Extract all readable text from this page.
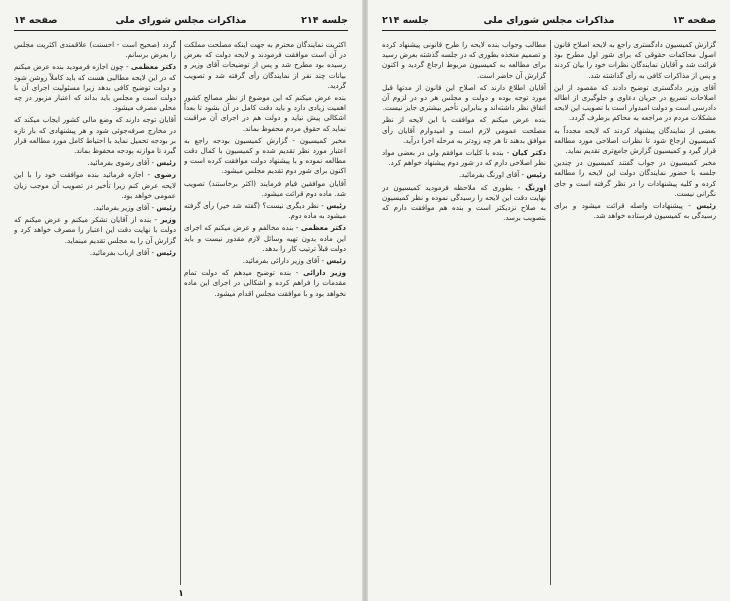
جلسه ۲۱۴
مذاکرات مجلس شورای ملی
صفحه ۱۴

اکثریت نمایندگان محترم به جهت اینکه مصلحت مملکت در آن است موافقت فرمودند و لایحه دولت که بعرض رسیده بود مطرح شد و پس از توضیحات آقای وزیر و بیانات چند نفر از نمایندگان رأی گرفته شد و تصویب گردید.

بنده عرض میکنم که این موضوع از نظر مصالح کشور اهمیت زیادی دارد و باید دقت کامل در آن بشود تا بعداً اشکالی پیش نیاید و دولت هم در اجرای آن مراقبت نماید که حقوق مردم محفوظ بماند.

مخبر کمیسیون - گزارش کمیسیون بودجه راجع به اعتبار مورد نظر تقدیم شده و کمیسیون با کمال دقت مطالعه نموده و با پیشنهاد دولت موافقت کرده است و اکنون برای شور دوم تقدیم مجلس میشود.

آقایان موافقین قیام فرمایند (اکثر برخاستند) تصویب شد. ماده دوم قرائت میشود.

رئیس - نظر دیگری نیست؟ (گفته شد خیر) رأی گرفته میشود به ماده دوم.

دکتر معظمی - بنده مخالفم و عرض میکنم که اجرای این ماده بدون تهیه وسائل لازم مقدور نیست و باید دولت قبلاً ترتیب کار را بدهد.

رئیس - آقای وزیر دارائی بفرمائید.

وزیر دارائی - بنده توضیح میدهم که دولت تمام مقدمات را فراهم کرده و اشکالی در اجرای این ماده نخواهد بود و با موافقت مجلس اقدام میشود.

گردد (صحیح است - احسنت) علاقمندی اکثریت مجلس را بعرض برسانم.

دکتر معظمی - چون اجازه فرمودید بنده عرض میکنم که در این لایحه مطالبی هست که باید کاملاً روشن شود و دولت توضیح کافی بدهد زیرا مسئولیت اجرای آن با دولت است و مجلس باید بداند که اعتبار مزبور در چه محلی مصرف میشود.

آقایان توجه دارند که وضع مالی کشور ایجاب میکند که در مخارج صرفه‌جوئی شود و هر پیشنهادی که بار تازه بر بودجه تحمیل نماید با احتیاط کامل مورد مطالعه قرار گیرد تا موازنه بودجه محفوظ بماند.

رئیس - آقای رضوی بفرمائید.

رضوی - اجازه فرمائید بنده موافقت خود را با این لایحه عرض کنم زیرا تأخیر در تصویب آن موجب زیان عمومی خواهد بود.

رئیس - آقای وزیر بفرمائید.

وزیر - بنده از آقایان تشکر میکنم و عرض میکنم که دولت با نهایت دقت این اعتبار را مصرف خواهد کرد و گزارش آن را به مجلس تقدیم مینماید.

رئیس - آقای ارباب بفرمائید.

۱
صفحه ۱۳
مذاکرات مجلس شورای ملی
جلسه ۲۱۴

گزارش کمیسیون دادگستری راجع به لایحه اصلاح قانون اصول محاکمات حقوقی که برای شور اول مطرح بود قرائت شد و آقایان نمایندگان نظرات خود را بیان کردند و پس از مذاکرات کافی به رأی گذاشته شد.

آقای وزیر دادگستری توضیح دادند که مقصود از این اصلاحات تسریع در جریان دعاوی و جلوگیری از اطاله دادرسی است و دولت امیدوار است با تصویب این لایحه مشکلات مردم در مراجعه به محاکم برطرف گردد.

بعضی از نمایندگان پیشنهاد کردند که لایحه مجدداً به کمیسیون ارجاع شود تا نظرات اصلاحی مورد مطالعه قرار گیرد و کمیسیون گزارش جامع‌تری تقدیم نماید.

مخبر کمیسیون در جواب گفتند کمیسیون در چندین جلسه با حضور نمایندگان دولت این لایحه را مطالعه کرده و کلیه پیشنهادات را در نظر گرفته است و جای نگرانی نیست.

رئیس - پیشنهادات واصله قرائت میشود و برای رسیدگی به کمیسیون فرستاده خواهد شد.

مطالب وجواب بنده لایحه را طرح قانونی پیشنهاد کرده و تصمیم متخذه بطوری که در جلسه گذشته بعرض رسید برای مطالعه به کمیسیون مربوط ارجاع گردید و اکنون گزارش آن حاضر است.

آقایان اطلاع دارند که اصلاح این قانون از مدتها قبل مورد توجه بوده و دولت و مجلس هر دو در لزوم آن اتفاق نظر داشته‌اند و بنابراین تأخیر بیشتری جایز نیست.

بنده عرض میکنم که موافقت با این لایحه از نظر مصلحت عمومی لازم است و امیدوارم آقایان رأی موافق بدهند تا هر چه زودتر به مرحله اجرا درآید.

دکتر کیان - بنده با کلیات موافقم ولی در بعضی مواد نظر اصلاحی دارم که در شور دوم پیشنهاد خواهم کرد.

رئیس - آقای اورنگ بفرمائید.

اورنگ - بطوری که ملاحظه فرمودید کمیسیون در نهایت دقت این لایحه را رسیدگی نموده و نظر کمیسیون به صلاح نزدیکتر است و بنده هم موافقت دارم که بتصویب برسد.
